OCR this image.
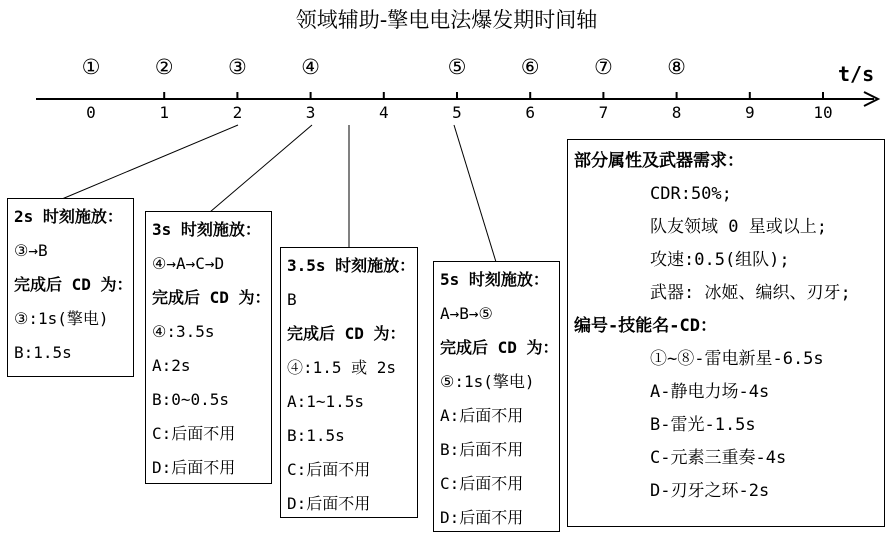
领域辅助-擎电电法爆发期时间轴
0	1	2	3	4	5	6	7	8	9	10
①	②	③	④	⑤	⑥	⑦	⑧	t/s
2s 时刻施放：
③→B
完成后 CD 为：
③:1s(擎电)
B:1.5s
3s 时刻施放：
④→A→C→D
完成后 CD 为：
④:3.5s
A:2s
B:0~0.5s
C:后面不用
D:后面不用
3.5s 时刻施放：
B
完成后 CD 为：
④:1.5 或 2s
A:1~1.5s
B:1.5s
C:后面不用
D:后面不用
5s 时刻施放：
A→B→⑤
完成后 CD 为：
⑤:1s(擎电)
A:后面不用
B:后面不用
C:后面不用
D:后面不用
部分属性及武器需求：
CDR:50%;
队友领域 0 星或以上;
攻速:0.5(组队);
武器: 冰姬、编织、刃牙;
编号-技能名-CD：
①~⑧-雷电新星-6.5s
A-静电力场-4s
B-雷光-1.5s
C-元素三重奏-4s
D-刃牙之环-2s
